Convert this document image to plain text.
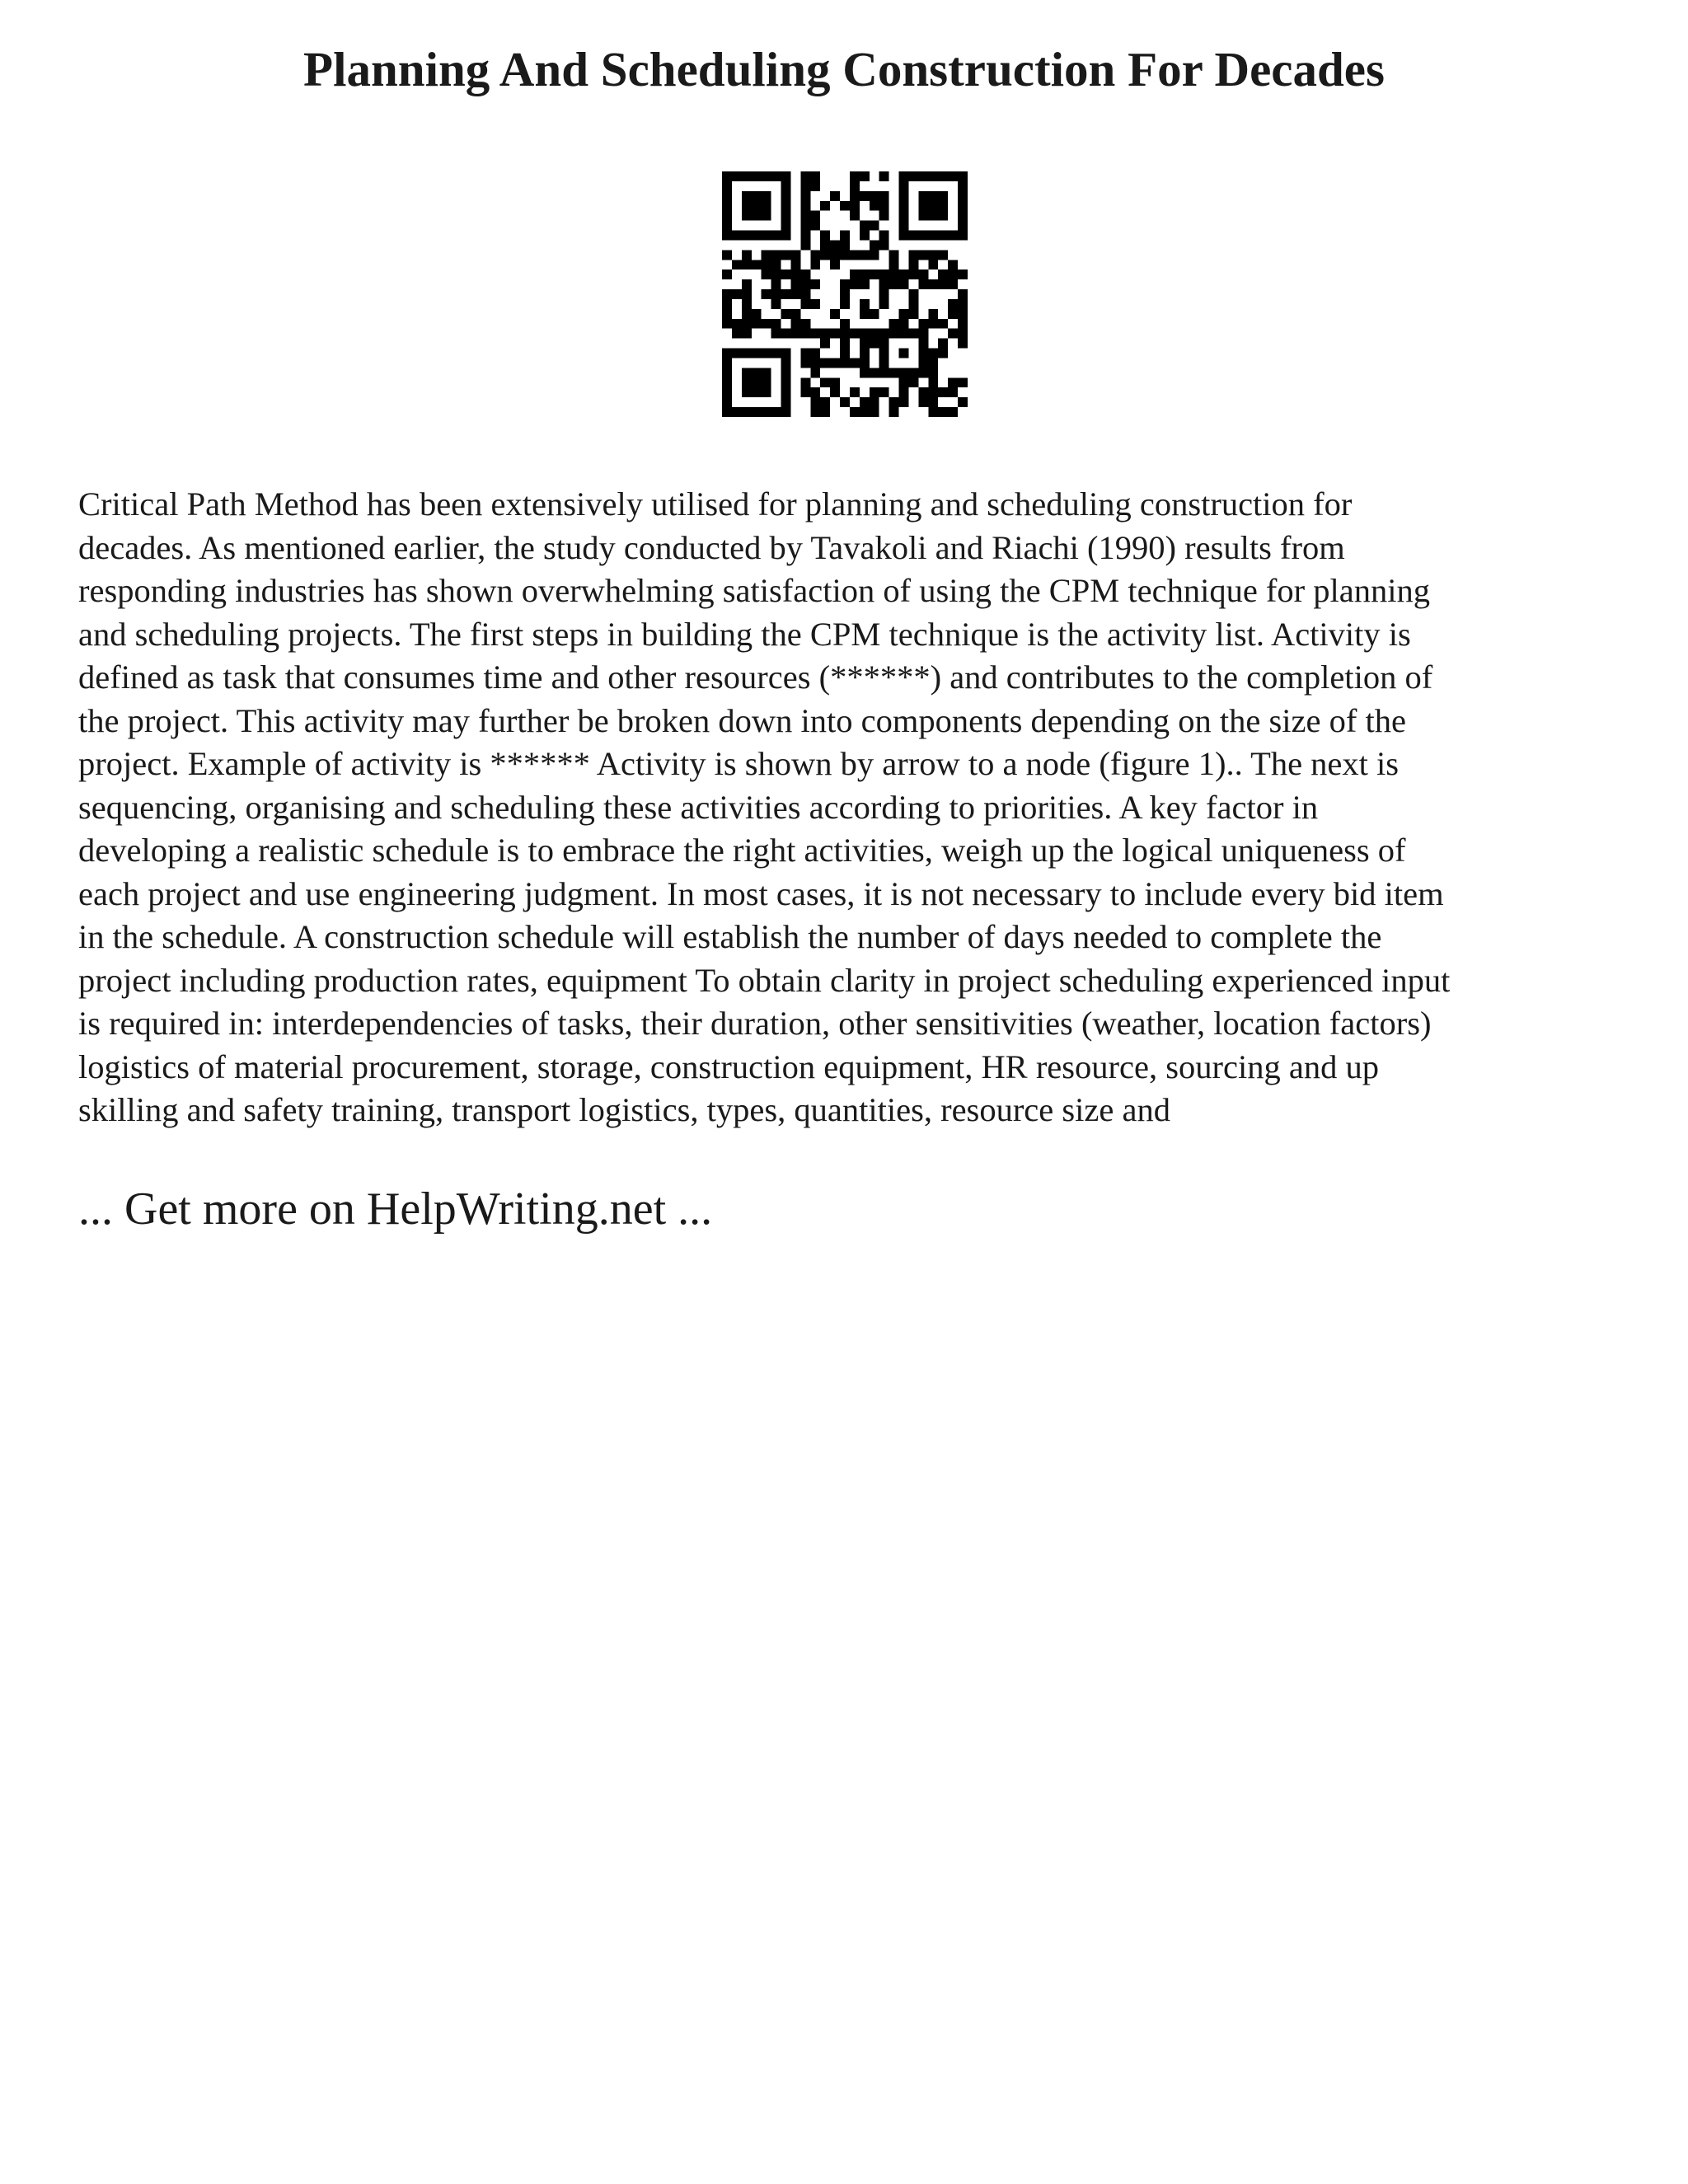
Planning And Scheduling Construction For Decades
Critical Path Method has been extensively utilised for planning and scheduling construction for
decades. As mentioned earlier, the study conducted by Tavakoli and Riachi (1990) results from
responding industries has shown overwhelming satisfaction of using the CPM technique for planning
and scheduling projects. The first steps in building the CPM technique is the activity list. Activity is
defined as task that consumes time and other resources (******) and contributes to the completion of
the project. This activity may further be broken down into components depending on the size of the
project. Example of activity is ****** Activity is shown by arrow to a node (figure 1).. The next is
sequencing, organising and scheduling these activities according to priorities. A key factor in
developing a realistic schedule is to embrace the right activities, weigh up the logical uniqueness of
each project and use engineering judgment. In most cases, it is not necessary to include every bid item
in the schedule. A construction schedule will establish the number of days needed to complete the
project including production rates, equipment To obtain clarity in project scheduling experienced input
is required in: interdependencies of tasks, their duration, other sensitivities (weather, location factors)
logistics of material procurement, storage, construction equipment, HR resource, sourcing and up
skilling and safety training, transport logistics, types, quantities, resource size and
... Get more on HelpWriting.net ...
